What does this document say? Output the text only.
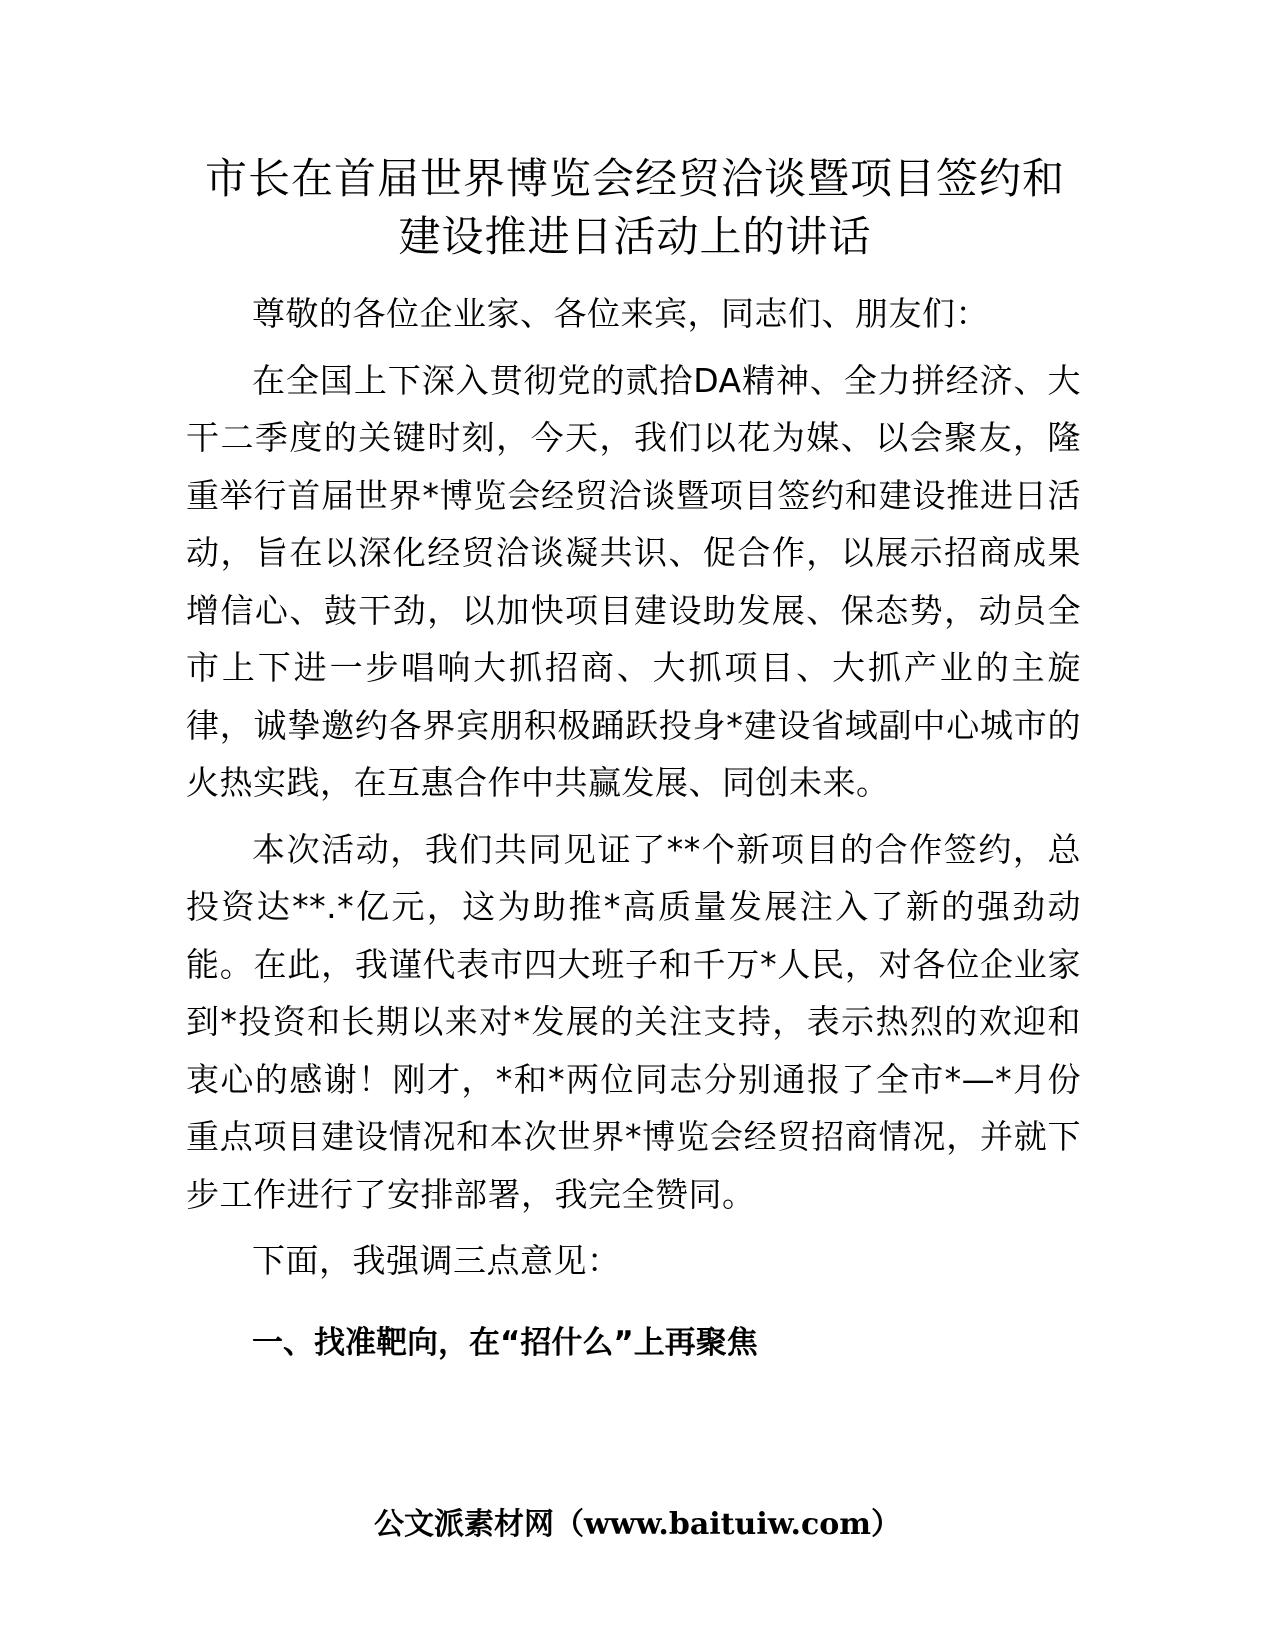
市长在首届世界博览会经贸洽谈暨项目签约和
建设推进日活动上的讲话

尊敬的各位企业家、各位来宾，同志们、朋友们：

在全国上下深入贯彻党的贰拾DA精神、全力拼经济、大干二季度的关键时刻，今天，我们以花为媒、以会聚友，隆重举行首届世界*博览会经贸洽谈暨项目签约和建设推进日活动，旨在以深化经贸洽谈凝共识、促合作，以展示招商成果增信心、鼓干劲，以加快项目建设助发展、保态势，动员全市上下进一步唱响大抓招商、大抓项目、大抓产业的主旋律，诚挚邀约各界宾朋积极踊跃投身*建设省域副中心城市的火热实践，在互惠合作中共赢发展、同创未来。

本次活动，我们共同见证了**个新项目的合作签约，总投资达**.*亿元，这为助推*高质量发展注入了新的强劲动能。在此，我谨代表市四大班子和千万*人民，对各位企业家到*投资和长期以来对*发展的关注支持，表示热烈的欢迎和衷心的感谢！刚才，*和*两位同志分别通报了全市*—*月份重点项目建设情况和本次世界*博览会经贸招商情况，并就下步工作进行了安排部署，我完全赞同。

下面，我强调三点意见：

一、找准靶向，在“招什么”上再聚焦

公文派素材网（www.baituiw.com）
